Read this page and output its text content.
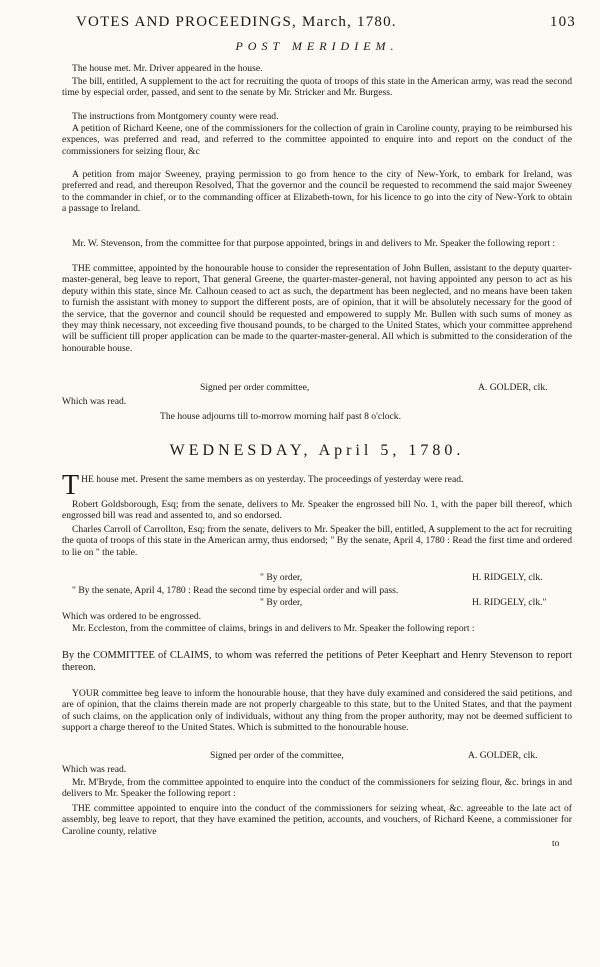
VOTES AND PROCEEDINGS, March, 1780.	103
POST MERIDIEM.

The house met. Mr. Driver appeared in the house.

The bill, entitled, A supplement to the act for recruiting the quota of troops of this state in the American army, was read the second time by especial order, passed, and sent to the senate by Mr. Stricker and Mr. Burgess.

The instructions from Montgomery county were read.

A petition of Richard Keene, one of the commissioners for the collection of grain in Caroline county, praying to be reimbursed his expences, was preferred and read, and referred to the committee appointed to enquire into and report on the conduct of the commissioners for seizing flour, &c

A petition from major Sweeney, praying permission to go from hence to the city of New-York, to embark for Ireland, was preferred and read, and thereupon Resolved, That the governor and the council be requested to recommend the said major Sweeney to the commander in chief, or to the commanding officer at Elizabeth-town, for his licence to go into the city of New-York to obtain a passage to Ireland.

Mr. W. Stevenson, from the committee for that purpose appointed, brings in and delivers to Mr. Speaker the following report :

THE committee, appointed by the honourable house to consider the representation of John Bullen, assistant to the deputy quarter-master-general, beg leave to report, That general Greene, the quarter-master-general, not having appointed any person to act as his deputy within this state, since Mr. Calhoun ceased to act as such, the department has been neglected, and no means have been taken to furnish the assistant with money to support the different posts, are of opinion, that it will be absolutely necessary for the good of the service, that the governor and council should be requested and empowered to supply Mr. Bullen with such sums of money as they may think necessary, not exceeding five thousand pounds, to be charged to the United States, which your committee apprehend will be sufficient till proper application can be made to the quarter-master-general. All which is submitted to the consideration of the honourable house.

Signed per order committee,	A. GOLDER, clk.

Which was read.

The house adjourns till to-morrow morning half past 8 o'clock.

WEDNESDAY, April 5, 1780.
THE house met. Present the same members as on yesterday. The proceedings of yesterday were read.

Robert Goldsborough, Esq; from the senate, delivers to Mr. Speaker the engrossed bill No. 1, with the paper bill thereof, which engrossed bill was read and assented to, and so endorsed.

Charles Carroll of Carrollton, Esq; from the senate, delivers to Mr. Speaker the bill, entitled, A supplement to the act for recruiting the quota of troops of this state in the American army, thus endorsed; " By the senate, April 4, 1780 : Read the first time and ordered to lie on " the table.

" By order,	H. RIDGELY, clk.

" By the senate, April 4, 1780 : Read the second time by especial order and will pass.

" By order,	H. RIDGELY, clk."

Which was ordered to be engrossed.

Mr. Eccleston, from the committee of claims, brings in and delivers to Mr. Speaker the following report :

By the COMMITTEE of CLAIMS, to whom was referred the petitions of Peter Keephart and Henry Stevenson to report thereon.

YOUR committee beg leave to inform the honourable house, that they have duly examined and considered the said petitions, and are of opinion, that the claims therein made are not properly chargeable to this state, but to the United States, and that the payment of such claims, on the application only of individuals, without any thing from the proper authority, may not be deemed sufficient to support a charge thereof to the United States. Which is submitted to the honourable house.

Signed per order of the committee,	A. GOLDER, clk.

Which was read.

Mr. M'Bryde, from the committee appointed to enquire into the conduct of the commissioners for seizing flour, &c. brings in and delivers to Mr. Speaker the following report :

THE committee appointed to enquire into the conduct of the commissioners for seizing wheat, &c. agreeable to the late act of assembly, beg leave to report, that they have examined the petition, accounts, and vouchers, of Richard Keene, a commissioner for Caroline county, relative

to
